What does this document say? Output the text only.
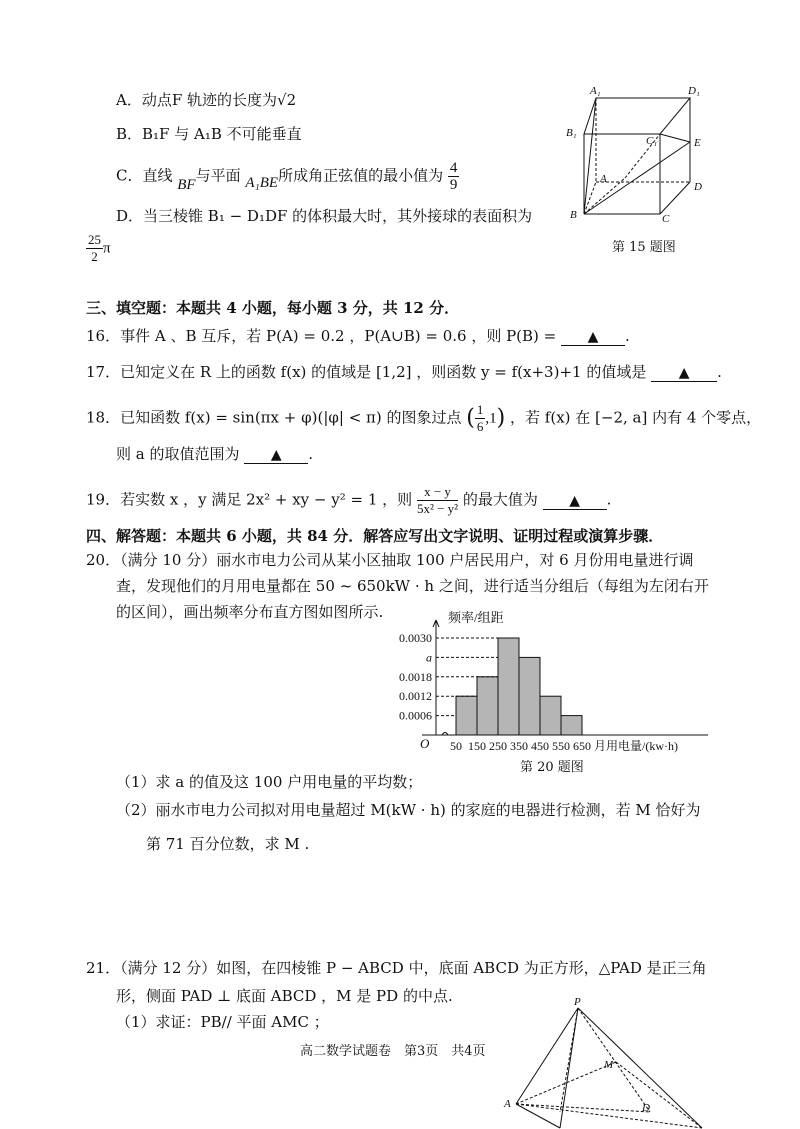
A．动点F 轨迹的长度为√2
B．B₁F 与 A₁B 不可能垂直
C．直线 BF与平面 A₁BE所成角正弦值的最小值为 $\frac{4}{9}$
D．当三棱锥 B₁ − D₁DF 的体积最大时，其外接球的表面积为
$\frac{25}{2}$ π
A₁	D₁
B₁
C₁	E
A
D
B	C
第 15 题图
三、填空题：本题共 4 小题，每小题 3 分，共 12 分．
16．事件 A 、B 互斥，若 P(A) = 0.2 ，P(A∪B) = 0.6 ，则 P(B) = ▲ .
17．已知定义在 R 上的函数 f(x) 的值域是 [1,2] ，则函数 y = f(x+3)+1 的值域是 ▲ .
18．已知函数 f(x) = sin(πx + φ)(|φ| < π) 的图象过点 ( $\frac{1}{6} ,1$) ，若 f(x) 在 [−2, a] 内有 4 个零点，
则 a 的取值范围为 ▲ .
19．若实数 x ，y 满足 2x² + xy − y² = 1 ，则 $\frac{x - y}{\text{5x² − y²}}$ 的最大值为 ▲ .
四、解答题：本题共 6 小题，共 84 分．解答应写出文字说明、证明过程或演算步骤．
20．（满分 10 分）丽水市电力公司从某小区抽取 100 户居民用户，对 6 月份用电量进行调
查，发现他们的月用电量都在 50 ~ 650kW · h 之间，进行适当分组后（每组为左闭右开
的区间），画出频率分布直方图如图所示.
0.0006
0.0012
0.0018
a
0.0030
50 150 250 350 450 550 650 月用电量/(kw·h)
频率/组距
O
第 20 题图
（1）求 a 的值及这 100 户用电量的平均数；
（2）丽水市电力公司拟对用电量超过 M(kW · h) 的家庭的电器进行检测，若 M 恰好为
第 71 百分位数，求 M .
21．（满分 12 分）如图，在四棱锥 P − ABCD 中，底面 ABCD 为正方形，△PAD 是正三角
形，侧面 PAD ⊥ 底面 ABCD ，M 是 PD 的中点.
（1）求证：PB// 平面 AMC ；
高二数学试题卷　第3页　共4页
P
M
A	D
